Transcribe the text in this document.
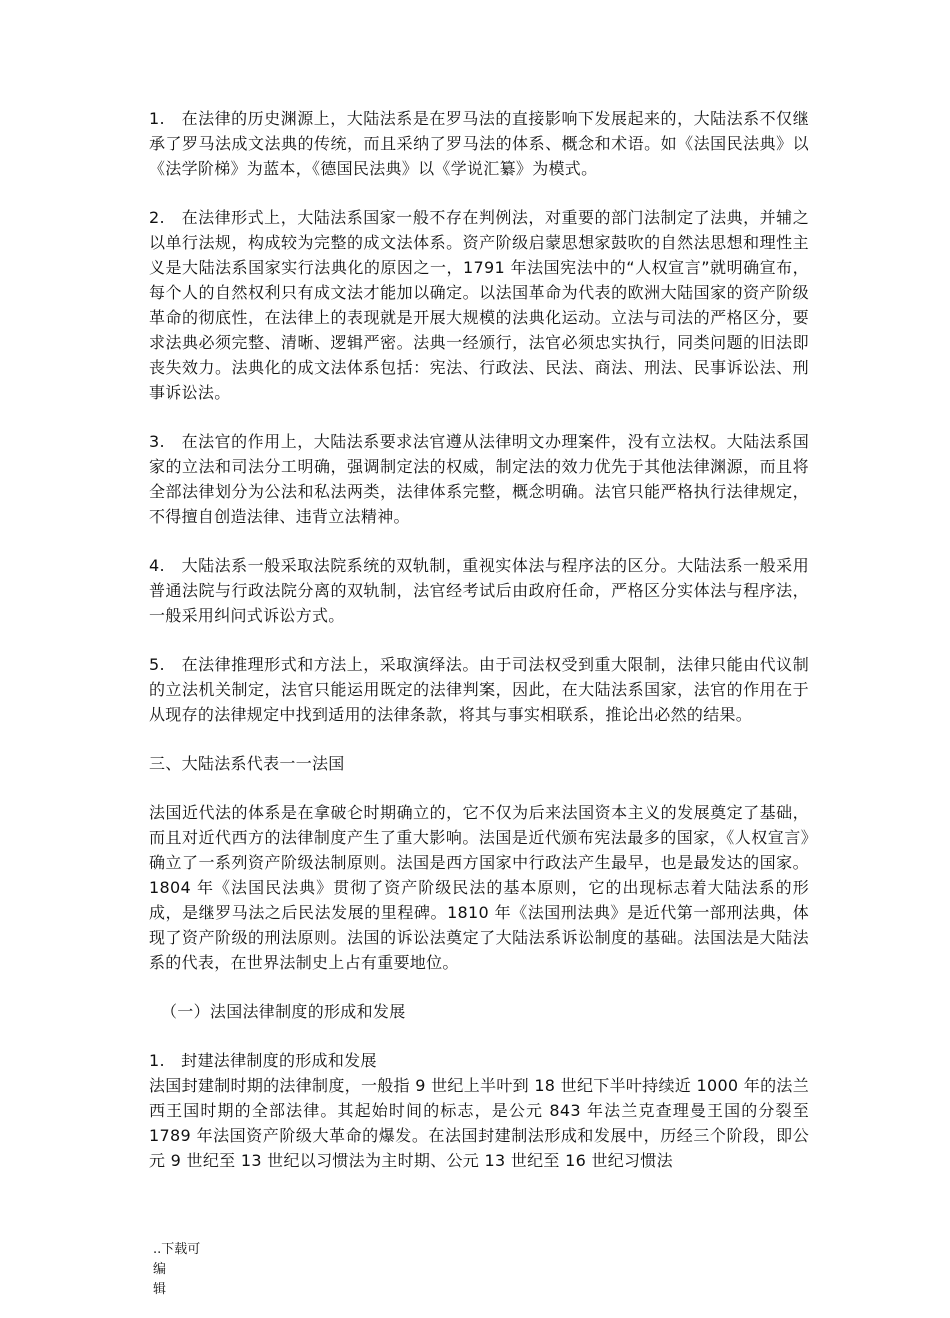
1.　在法律的历史渊源上，大陆法系是在罗马法的直接影响下发展起来的，大陆法系不仅继承了罗马法成文法典的传统，而且采纳了罗马法的体系、概念和术语。如《法国民法典》以《法学阶梯》为蓝本，《德国民法典》以《学说汇纂》为模式。

2.　在法律形式上，大陆法系国家一般不存在判例法，对重要的部门法制定了法典，并辅之以单行法规，构成较为完整的成文法体系。资产阶级启蒙思想家鼓吹的自然法思想和理性主义是大陆法系国家实行法典化的原因之一，1791 年法国宪法中的“人权宣言”就明确宣布，每个人的自然权利只有成文法才能加以确定。以法国革命为代表的欧洲大陆国家的资产阶级革命的彻底性，在法律上的表现就是开展大规模的法典化运动。立法与司法的严格区分，要求法典必须完整、清晰、逻辑严密。法典一经颁行，法官必须忠实执行，同类问题的旧法即丧失效力。法典化的成文法体系包括：宪法、行政法、民法、商法、刑法、民事诉讼法、刑事诉讼法。

3.　在法官的作用上，大陆法系要求法官遵从法律明文办理案件，没有立法权。大陆法系国家的立法和司法分工明确，强调制定法的权威，制定法的效力优先于其他法律渊源，而且将全部法律划分为公法和私法两类，法律体系完整，概念明确。法官只能严格执行法律规定，不得擅自创造法律、违背立法精神。

4.　大陆法系一般采取法院系统的双轨制，重视实体法与程序法的区分。大陆法系一般采用普通法院与行政法院分离的双轨制，法官经考试后由政府任命，严格区分实体法与程序法，一般采用纠问式诉讼方式。

5.　在法律推理形式和方法上，采取演绎法。由于司法权受到重大限制，法律只能由代议制的立法机关制定，法官只能运用既定的法律判案，因此，在大陆法系国家，法官的作用在于从现存的法律规定中找到适用的法律条款，将其与事实相联系，推论出必然的结果。

三、大陆法系代表一一法国

法国近代法的体系是在拿破仑时期确立的，它不仅为后来法国资本主义的发展奠定了基础，而且对近代西方的法律制度产生了重大影响。法国是近代颁布宪法最多的国家，《人权宣言》确立了一系列资产阶级法制原则。法国是西方国家中行政法产生最早，也是最发达的国家。1804 年《法国民法典》贯彻了资产阶级民法的基本原则，它的出现标志着大陆法系的形成，是继罗马法之后民法发展的里程碑。1810 年《法国刑法典》是近代第一部刑法典，体现了资产阶级的刑法原则。法国的诉讼法奠定了大陆法系诉讼制度的基础。法国法是大陆法系的代表，在世界法制史上占有重要地位。

（一）法国法律制度的形成和发展

1.　封建法律制度的形成和发展

法国封建制时期的法律制度，一般指 9 世纪上半叶到 18 世纪下半叶持续近 1000 年的法兰西王国时期的全部法律。其起始时间的标志，是公元 843 年法兰克查理曼王国的分裂至 1789 年法国资产阶级大革命的爆发。在法国封建制法形成和发展中，历经三个阶段，即公元 9 世纪至 13 世纪以习惯法为主时期、公元 13 世纪至 16 世纪习惯法

..下载可编
辑
